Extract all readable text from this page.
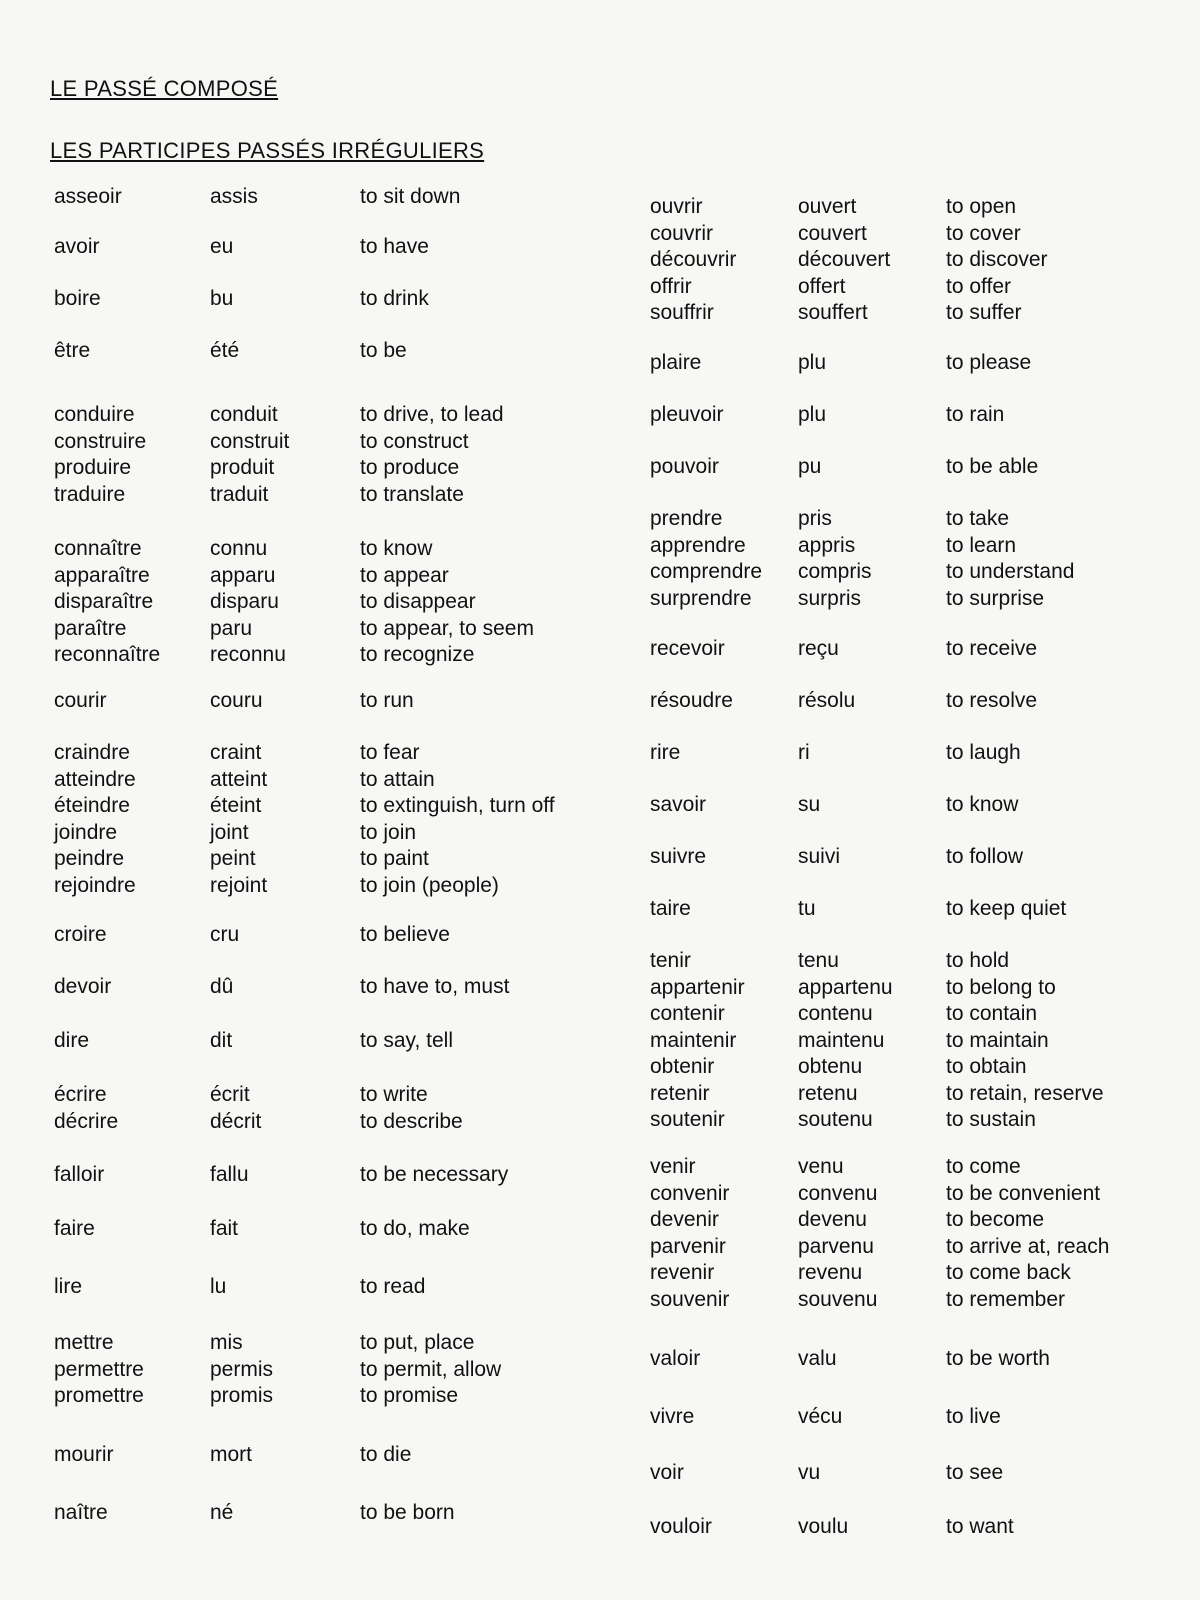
LE PASSÉ COMPOSÉ
LES PARTICIPES PASSÉS IRRÉGULIERS
asseoir	assis	to sit down
avoir	eu	to have
boire	bu	to drink
être	été	to be
conduire	conduit	to drive, to lead
construire	construit	to construct
produire	produit	to produce
traduire	traduit	to translate
connaître	connu	to know
apparaître	apparu	to appear
disparaître	disparu	to disappear
paraître	paru	to appear, to seem
reconnaître	reconnu	to recognize
courir	couru	to run
craindre	craint	to fear
atteindre	atteint	to attain
éteindre	éteint	to extinguish, turn off
joindre	joint	to join
peindre	peint	to paint
rejoindre	rejoint	to join (people)
croire	cru	to believe
devoir	dû	to have to, must
dire	dit	to say, tell
écrire	écrit	to write
décrire	décrit	to describe
falloir	fallu	to be necessary
faire	fait	to do, make
lire	lu	to read
mettre	mis	to put, place
permettre	permis	to permit, allow
promettre	promis	to promise
mourir	mort	to die
naître	né	to be born
ouvrir	ouvert	to open
couvrir	couvert	to cover
découvrir	découvert	to discover
offrir	offert	to offer
souffrir	souffert	to suffer
plaire	plu	to please
pleuvoir	plu	to rain
pouvoir	pu	to be able
prendre	pris	to take
apprendre	appris	to learn
comprendre	compris	to understand
surprendre	surpris	to surprise
recevoir	reçu	to receive
résoudre	résolu	to resolve
rire	ri	to laugh
savoir	su	to know
suivre	suivi	to follow
taire	tu	to keep quiet
tenir	tenu	to hold
appartenir	appartenu	to belong to
contenir	contenu	to contain
maintenir	maintenu	to maintain
obtenir	obtenu	to obtain
retenir	retenu	to retain, reserve
soutenir	soutenu	to sustain
venir	venu	to come
convenir	convenu	to be convenient
devenir	devenu	to become
parvenir	parvenu	to arrive at, reach
revenir	revenu	to come back
souvenir	souvenu	to remember
valoir	valu	to be worth
vivre	vécu	to live
voir	vu	to see
vouloir	voulu	to want
